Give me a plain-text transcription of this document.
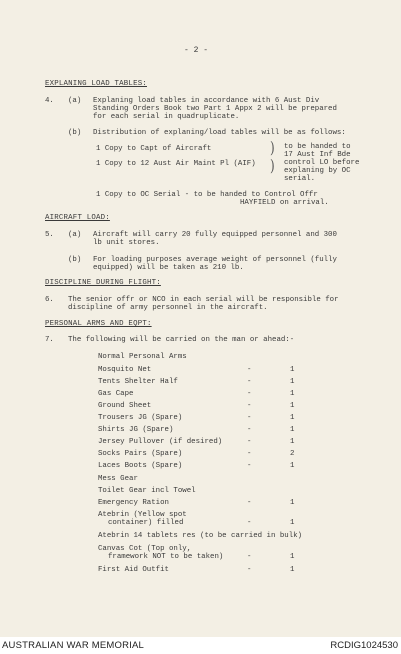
- 2 -
EXPLANING LOAD TABLES:
4. (a) Explaning load tables in accordance with 6 Aust Div
Standing Orders Book two Part 1 Appx 2 will be prepared
for each serial in quadruplicate.
(b) Distribution of explaning/load tables will be as follows:
1 Copy to Capt of Aircraft
1 Copy to 12 Aust Air Maint Pl (AIF)
)
)
to be handed to
17 Aust Inf Bde
control LO before
explaning by OC
serial.
1 Copy to OC Serial - to be handed to Control Offr
HAYFIELD on arrival.
AIRCRAFT LOAD:
5. (a) Aircraft will carry 20 fully equipped personnel and 300
lb unit stores.
(b) For loading purposes average weight of personnel (fully
equipped) will be taken as 210 lb.
DISCIPLINE DURING FLIGHT:
6. The senior offr or NCO in each serial will be responsible for
discipline of army personnel in the aircraft.
PERSONAL ARMS AND EQPT:
7. The following will be carried on the man or ahead:-
Normal Personal Arms
Mosquito Net	-	1
Tents Shelter Half	-	1
Gas Cape	-	1
Ground Sheet	-	1
Trousers JG (Spare)	-	1
Shirts JG (Spare)	-	1
Jersey Pullover (if desired)	-	1
Socks Pairs (Spare)	-	2
Laces Boots (Spare)	-	1
Mess Gear
Toilet Gear incl Towel
Emergency Ration	-	1
Atebrin (Yellow spot
container) filled	-	1
Atebrin 14 tablets res (to be carried in bulk)
Canvas Cot (Top only,
framework NOT to be taken)	-	1
First Aid Outfit	-	1
AUSTRALIAN WAR MEMORIAL	RCDIG1024530
